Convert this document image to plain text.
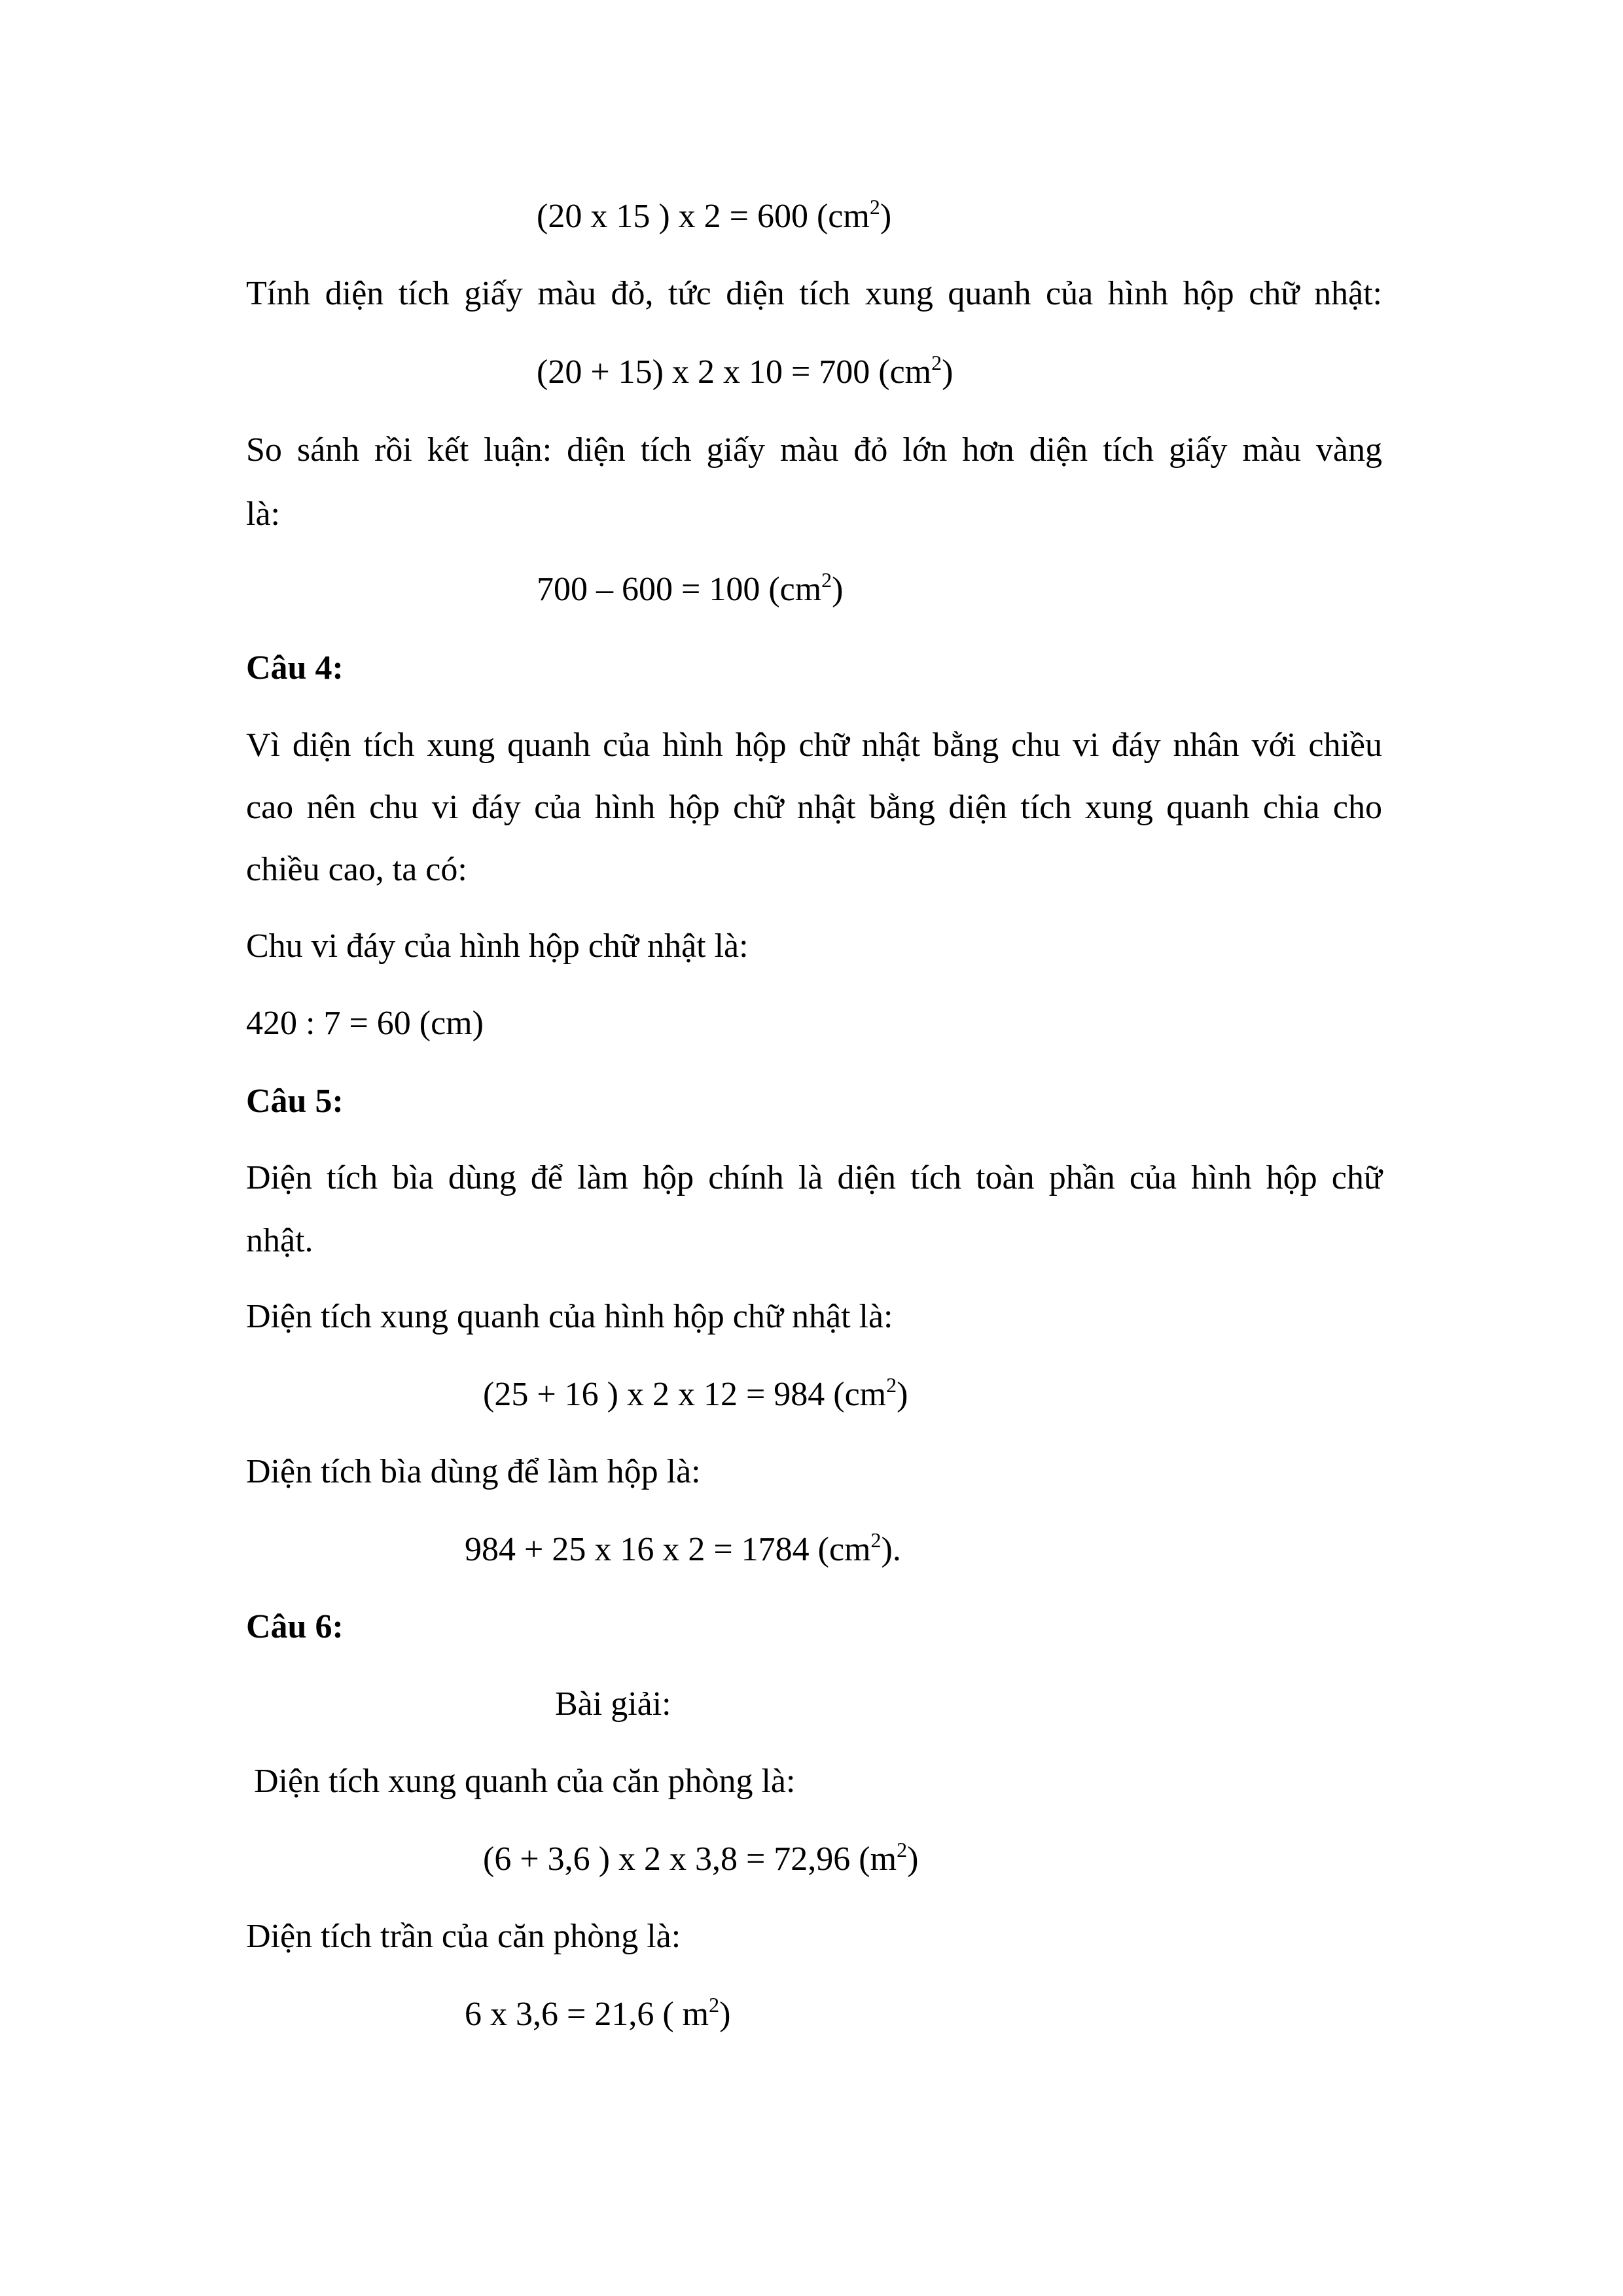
(20 x 15 ) x 2 = 600 $(cm^2)$
Tính diện tích giấy màu đỏ, tức diện tích xung quanh của hình hộp chữ nhật:
(20 + 15) x 2 x 10 = 700 $(cm^2)$
So sánh rồi kết luận: diện tích giấy màu đỏ lớn hơn diện tích giấy màu vàng
là:
700 – 600 = 100 $(cm^2)$
Câu 4:
Vì diện tích xung quanh của hình hộp chữ nhật bằng chu vi đáy nhân với chiều
cao nên chu vi đáy của hình hộp chữ nhật bằng diện tích xung quanh chia cho
chiều cao, ta có:
Chu vi đáy của hình hộp chữ nhật là:
420 : 7 = 60 (cm)
Câu 5:
Diện tích bìa dùng để làm hộp chính là diện tích toàn phần của hình hộp chữ
nhật.
Diện tích xung quanh của hình hộp chữ nhật là:
(25 + 16 ) x 2 x 12 = 984 $(cm^2)$
Diện tích bìa dùng để làm hộp là:
984 + 25 x 16 x 2 = 1784 $(cm^2)$.
Câu 6:
Bài giải:
Diện tích xung quanh của căn phòng là:
(6 + 3,6 ) x 2 x 3,8 = 72,96 $(m^2)$
Diện tích trần của căn phòng là:
6 x 3,6 = 21,6 ( $m^2$)
